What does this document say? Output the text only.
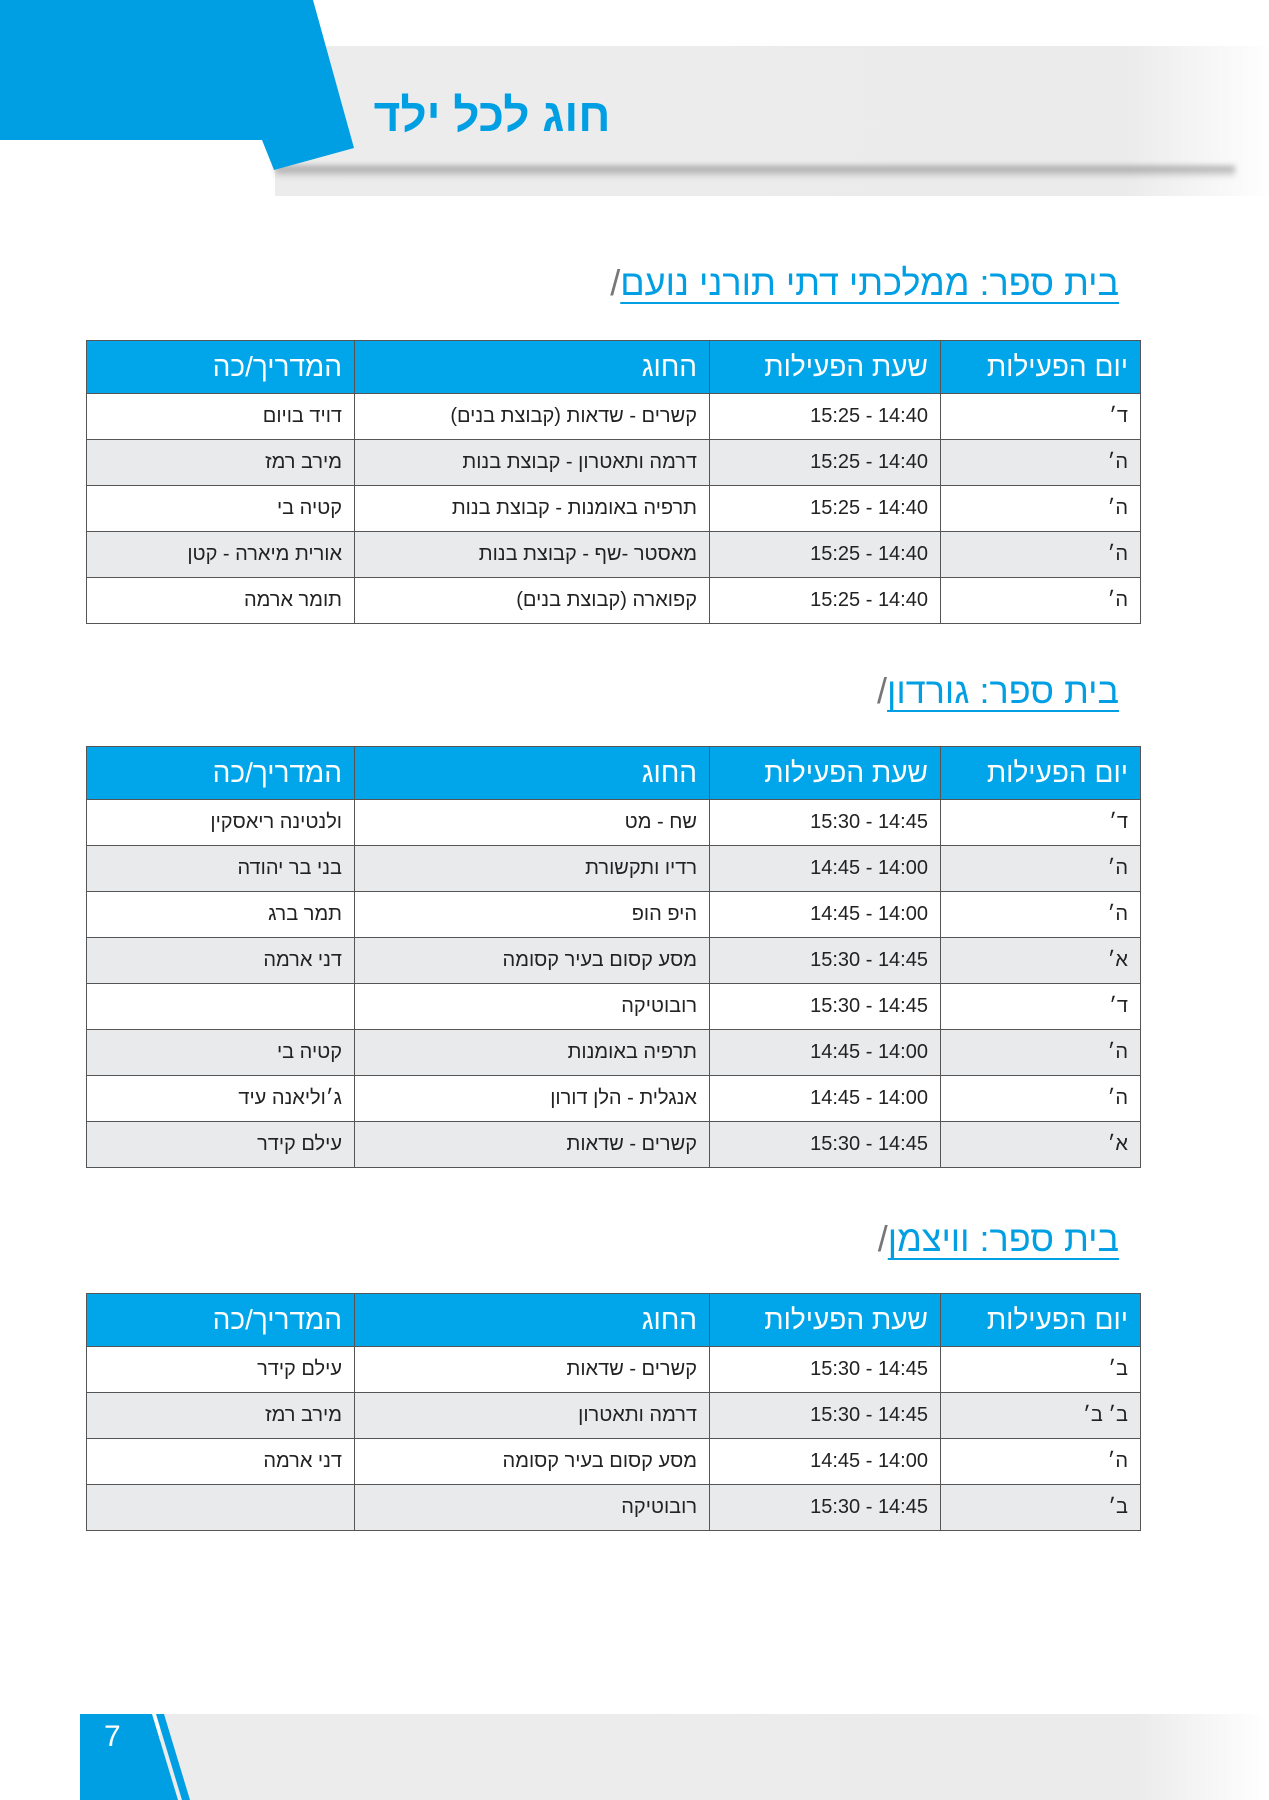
חוג לכל ילד
בית ספר: ממלכתי דתי תורני נועם/
יום הפעילות	שעת הפעילות	החוג	המדריך/כה
ד׳	14:40 - 15:25	קשרים - שדאות (קבוצת בנים)	דויד בויום
ה׳	14:40 - 15:25	דרמה ותאטרון - קבוצת בנות	מירב רמז
ה׳	14:40 - 15:25	תרפיה באומנות - קבוצת בנות	קטיה בי
ה׳	14:40 - 15:25	מאסטר -שף - קבוצת בנות	אורית מיארה - קטן
ה׳	14:40 - 15:25	קפוארה (קבוצת בנים)	תומר ארמה
בית ספר: גורדון/
יום הפעילות	שעת הפעילות	החוג	המדריך/כה
ד׳	14:45 - 15:30	שח - מט	ולנטינה ריאסקין
ה׳	14:00 - 14:45	רדיו ותקשורת	בני בר יהודה
ה׳	14:00 - 14:45	היפ הופ	תמר ברג
א׳	14:45 - 15:30	מסע קסום בעיר קסומה	דני ארמה
ד׳	14:45 - 15:30	רובוטיקה	
ה׳	14:00 - 14:45	תרפיה באומנות	קטיה בי
ה׳	14:00 - 14:45	אנגלית - הלן דורון	ג׳וליאנה עיד
א׳	14:45 - 15:30	קשרים - שדאות	עילם קידר
בית ספר: וויצמן/
יום הפעילות	שעת הפעילות	החוג	המדריך/כה
ב׳	14:45 - 15:30	קשרים - שדאות	עילם קידר
ב׳ ב׳	14:45 - 15:30	דרמה ותאטרון	מירב רמז
ה׳	14:00 - 14:45	מסע קסום בעיר קסומה	דני ארמה
ב׳	14:45 - 15:30	רובוטיקה	
7
